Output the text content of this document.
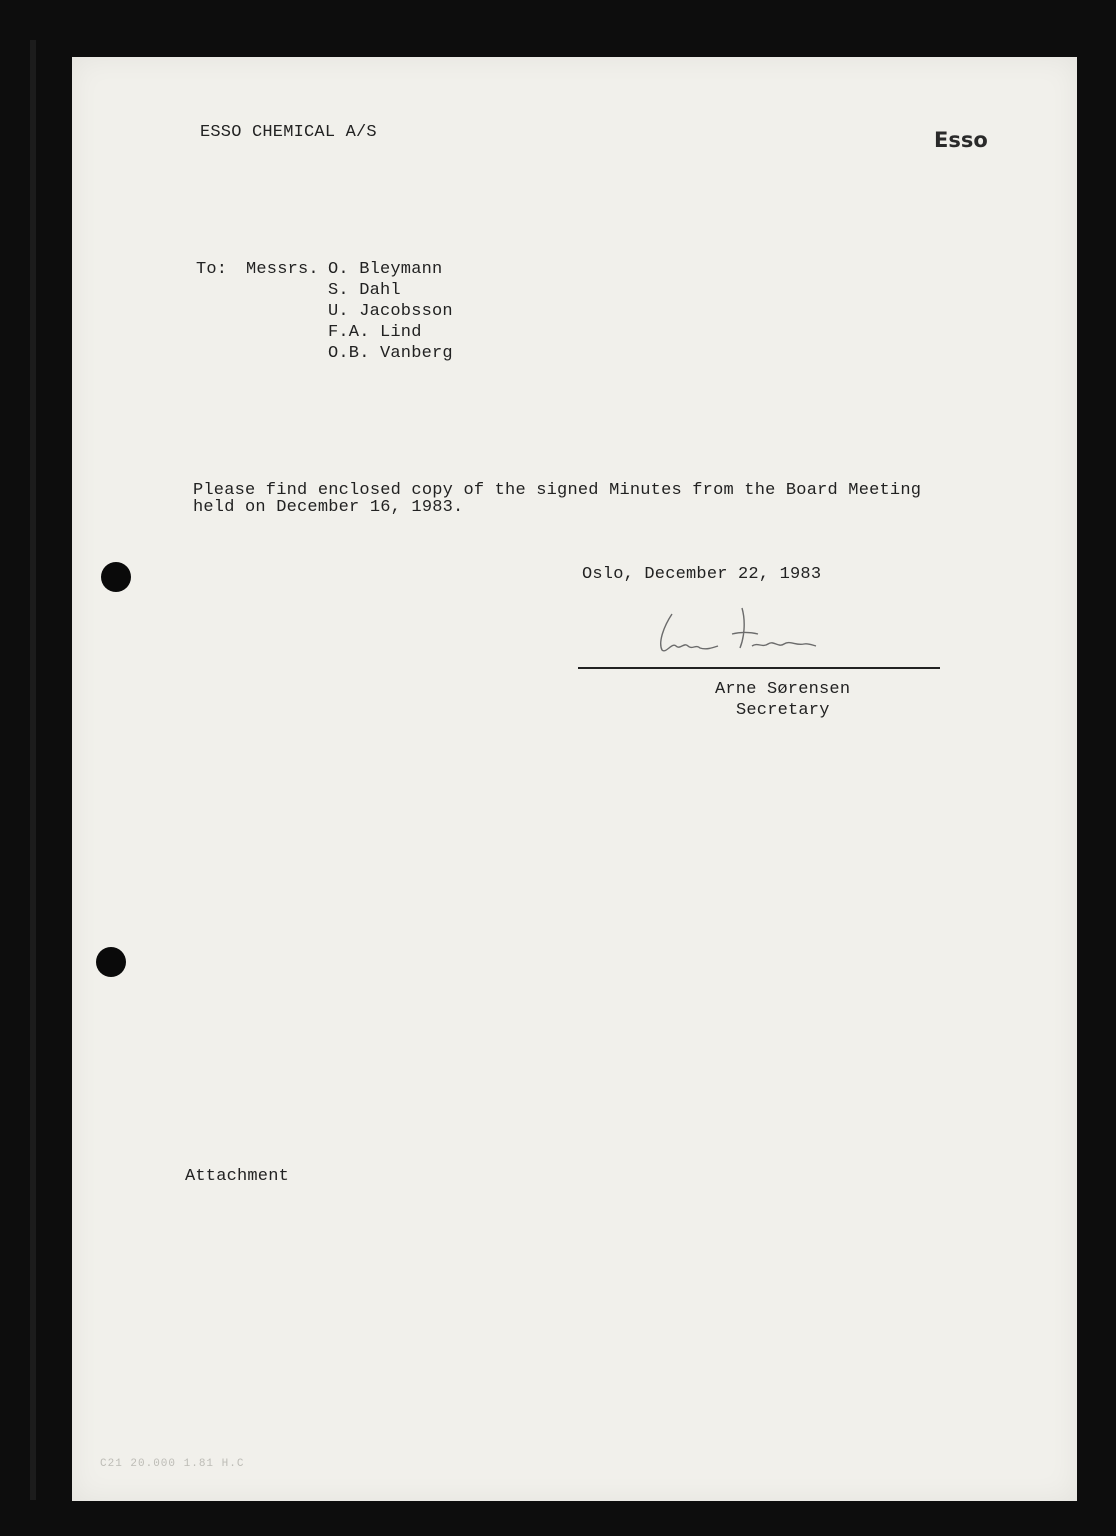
ESSO CHEMICAL A/S	Esso
To: Messrs. O. Bleymann
S. Dahl
U. Jacobsson
F.A. Lind
O.B. Vanberg
Please find enclosed copy of the signed Minutes from the Board Meeting
held on December 16, 1983.
Oslo, December 22, 1983
Arne Sørensen
Secretary
Attachment
C21 20.000 1.81 H.C
